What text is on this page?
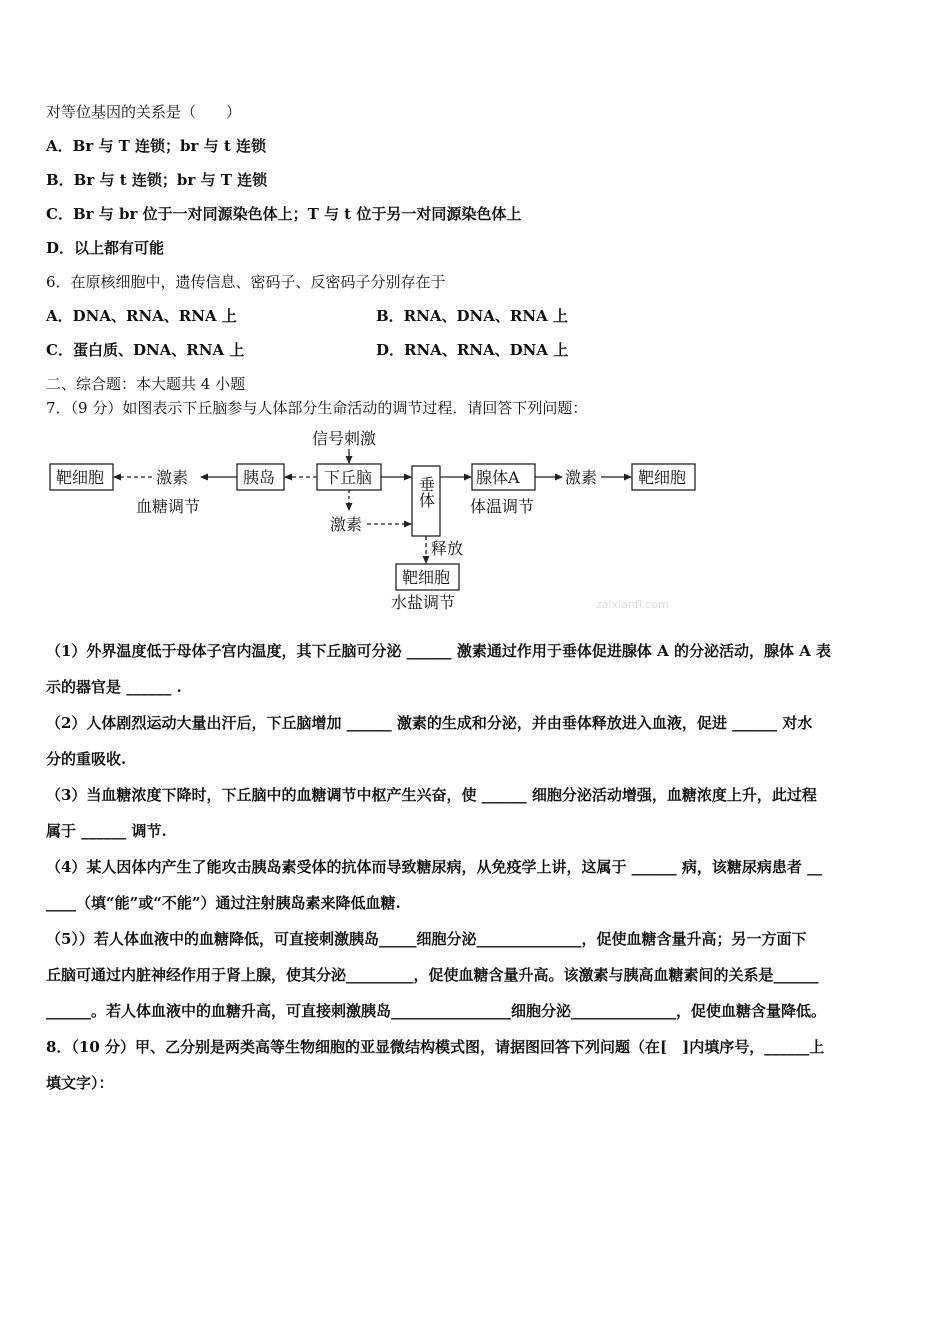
对等位基因的关系是（　　）
A．Br 与 T 连锁；br 与 t 连锁
B．Br 与 t 连锁；br 与 T 连锁
C．Br 与 br 位于一对同源染色体上；T 与 t 位于另一对同源染色体上
D．以上都有可能
6．在原核细胞中，遗传信息、密码子、反密码子分别存在于
A．DNA、RNA、RNA 上	B．RNA、DNA、RNA 上
C．蛋白质、DNA、RNA 上	D．RNA、RNA、DNA 上
二、综合题：本大题共 4 小题
7．（9 分）如图表示下丘脑参与人体部分生命活动的调节过程．请回答下列问题：
信号刺激
靶细胞	激素	胰岛	下丘脑	腺体A	激素	靶细胞
血糖调节	体温调节
激素
释放
靶细胞
水盐调节
垂体
zaixianfl.com
（1）外界温度低于母体子宫内温度，其下丘脑可分泌 ______ 激素通过作用于垂体促进腺体 A 的分泌活动，腺体 A 表
示的器官是 ______ .
（2）人体剧烈运动大量出汗后，下丘脑增加 ______ 激素的生成和分泌，并由垂体释放进入血液，促进 ______ 对水
分的重吸收.
（3）当血糖浓度下降时，下丘脑中的血糖调节中枢产生兴奋，使 ______ 细胞分泌活动增强，血糖浓度上升，此过程
属于 ______ 调节.
（4）某人因体内产生了能攻击胰岛素受体的抗体而导致糖尿病，从免疫学上讲，这属于 ______ 病，该糖尿病患者 __
____（填“能”或“不能”）通过注射胰岛素来降低血糖.
（5））若人体血液中的血糖降低，可直接刺激胰岛_____细胞分泌______________，促使血糖含量升高；另一方面下
丘脑可通过内脏神经作用于肾上腺，使其分泌_________，促使血糖含量升高。该激素与胰高血糖素间的关系是______
______。若人体血液中的血糖升高，可直接刺激胰岛________________细胞分泌______________，促使血糖含量降低。
8．（10 分）甲、乙分别是两类高等生物细胞的亚显微结构模式图，请据图回答下列问题（在[　]内填序号，______上
填文字）：
